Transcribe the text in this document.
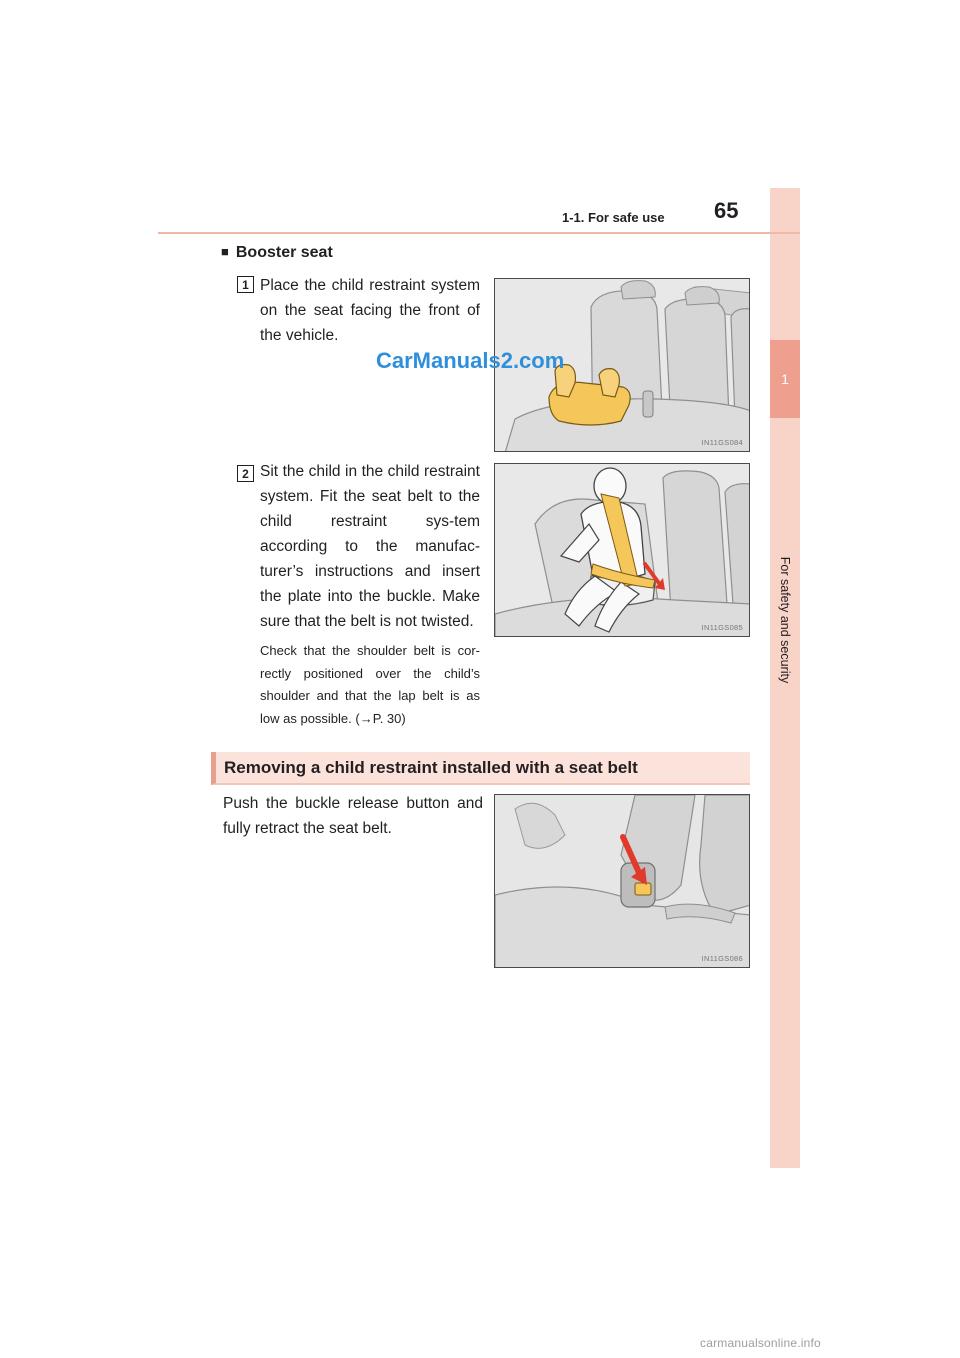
1
For safety and security
1-1. For safe use 65
■ Booster seat
1 Place the child restraint system on the seat facing the front of the vehicle.
IN11GS084
2 Sit the child in the child restraint system. Fit the seat belt to the child restraint sys-tem according to the manufac-turer’s instructions and insert the plate into the buckle. Make sure that the belt is not twisted.
Check that the shoulder belt is cor-rectly positioned over the child’s shoulder and that the lap belt is as low as possible. (→P. 30)
IN11GS085
CarManuals2.com
Removing a child restraint installed with a seat belt
Push the buckle release button and fully retract the seat belt.
IN11GS086
carmanualsonline.info
